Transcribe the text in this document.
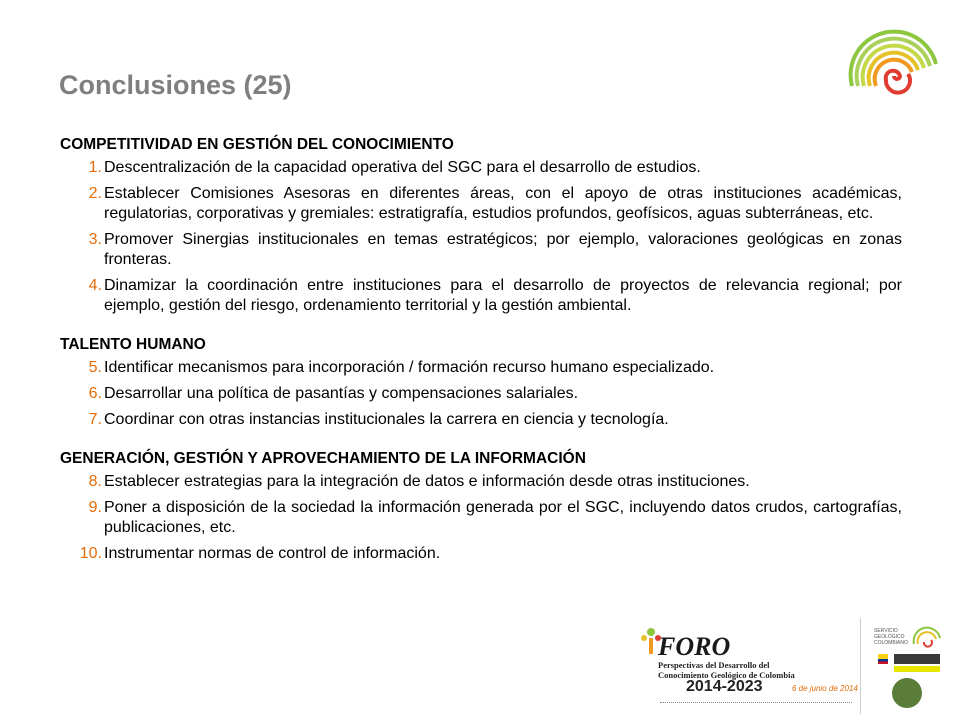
Conclusiones (25)

COMPETITIVIDAD EN GESTIÓN DEL CONOCIMIENTO

1. Descentralización de la capacidad operativa del SGC para el desarrollo de estudios.
2. Establecer Comisiones Asesoras en diferentes áreas, con el apoyo de otras instituciones académicas, regulatorias, corporativas y gremiales: estratigrafía, estudios profundos, geofísicos, aguas subterráneas, etc.
3. Promover Sinergias institucionales en temas estratégicos; por ejemplo, valoraciones geológicas en zonas fronteras.
4. Dinamizar la coordinación entre instituciones para el desarrollo de proyectos de relevancia regional; por ejemplo, gestión del riesgo, ordenamiento territorial y la gestión ambiental.

TALENTO HUMANO

5. Identificar mecanismos para incorporación / formación recurso humano especializado.
6. Desarrollar una política de pasantías y compensaciones salariales.
7. Coordinar con otras instancias institucionales la carrera en ciencia y tecnología.

GENERACIÓN, GESTIÓN Y APROVECHAMIENTO DE LA INFORMACIÓN

8. Establecer estrategias para la integración de datos e información desde otras instituciones.
9. Poner a disposición de la sociedad la información generada por el SGC, incluyendo datos crudos, cartografías, publicaciones, etc.
10. Instrumentar normas de control de información.
FORO
Perspectivas del Desarrollo del Conocimiento Geológico de Colombia
2014-2023	6 de junio de 2014
SERVICIO GEOLÓGICO COLOMBIANO
